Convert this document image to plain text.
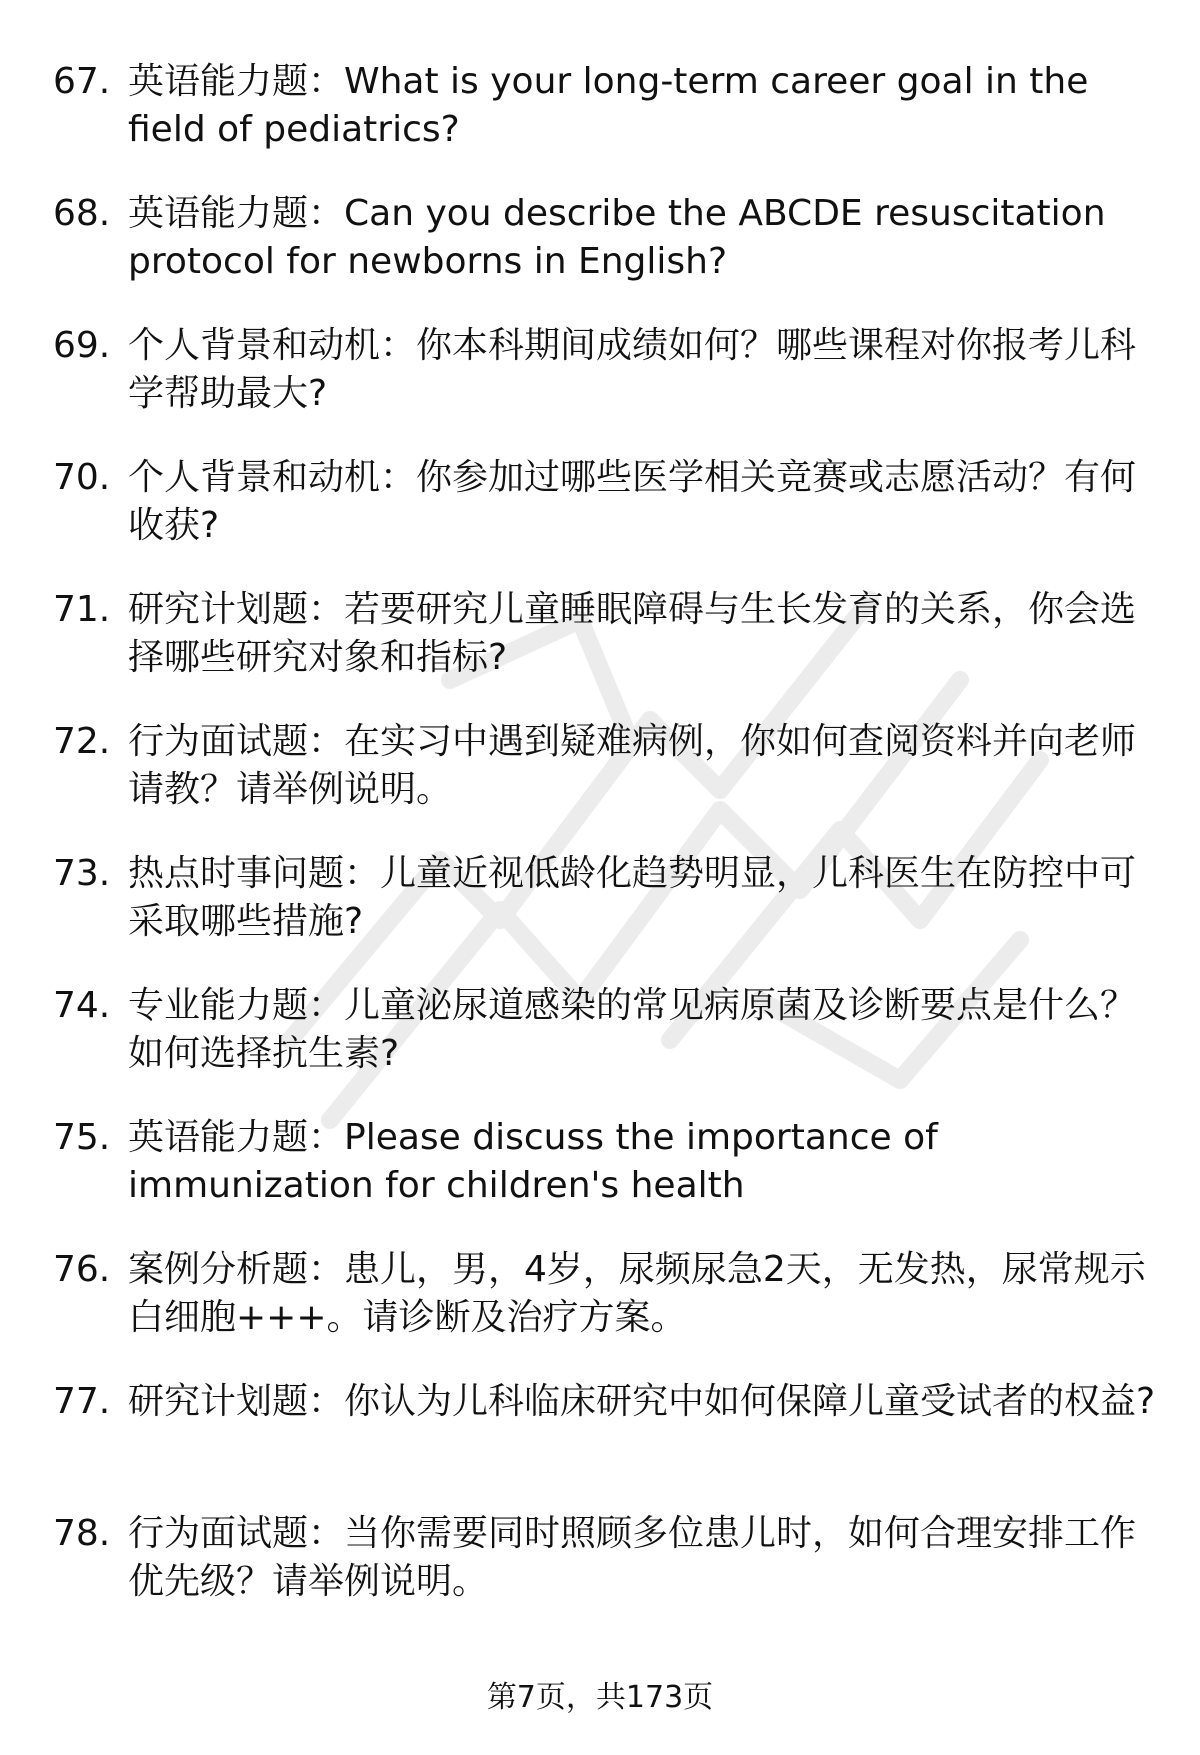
67. 英语能力题：What is your long-term career goal in the field of pediatrics?
68. 英语能力题：Can you describe the ABCDE resuscitation protocol for newborns in English?
69. 个人背景和动机：你本科期间成绩如何？哪些课程对你报考儿科学帮助最大?
70. 个人背景和动机：你参加过哪些医学相关竞赛或志愿活动？有何收获?
71. 研究计划题：若要研究儿童睡眠障碍与生长发育的关系，你会选择哪些研究对象和指标?
72. 行为面试题：在实习中遇到疑难病例，你如何查阅资料并向老师请教？请举例说明。
73. 热点时事问题：儿童近视低龄化趋势明显，儿科医生在防控中可采取哪些措施?
74. 专业能力题：儿童泌尿道感染的常见病原菌及诊断要点是什么？如何选择抗生素?
75. 英语能力题：Please discuss the importance of immunization for children's health
76. 案例分析题：患儿，男，4岁，尿频尿急2天，无发热，尿常规示白细胞+++。请诊断及治疗方案。
77. 研究计划题：你认为儿科临床研究中如何保障儿童受试者的权益?
78. 行为面试题：当你需要同时照顾多位患儿时，如何合理安排工作优先级？请举例说明。
第7页，共173页
